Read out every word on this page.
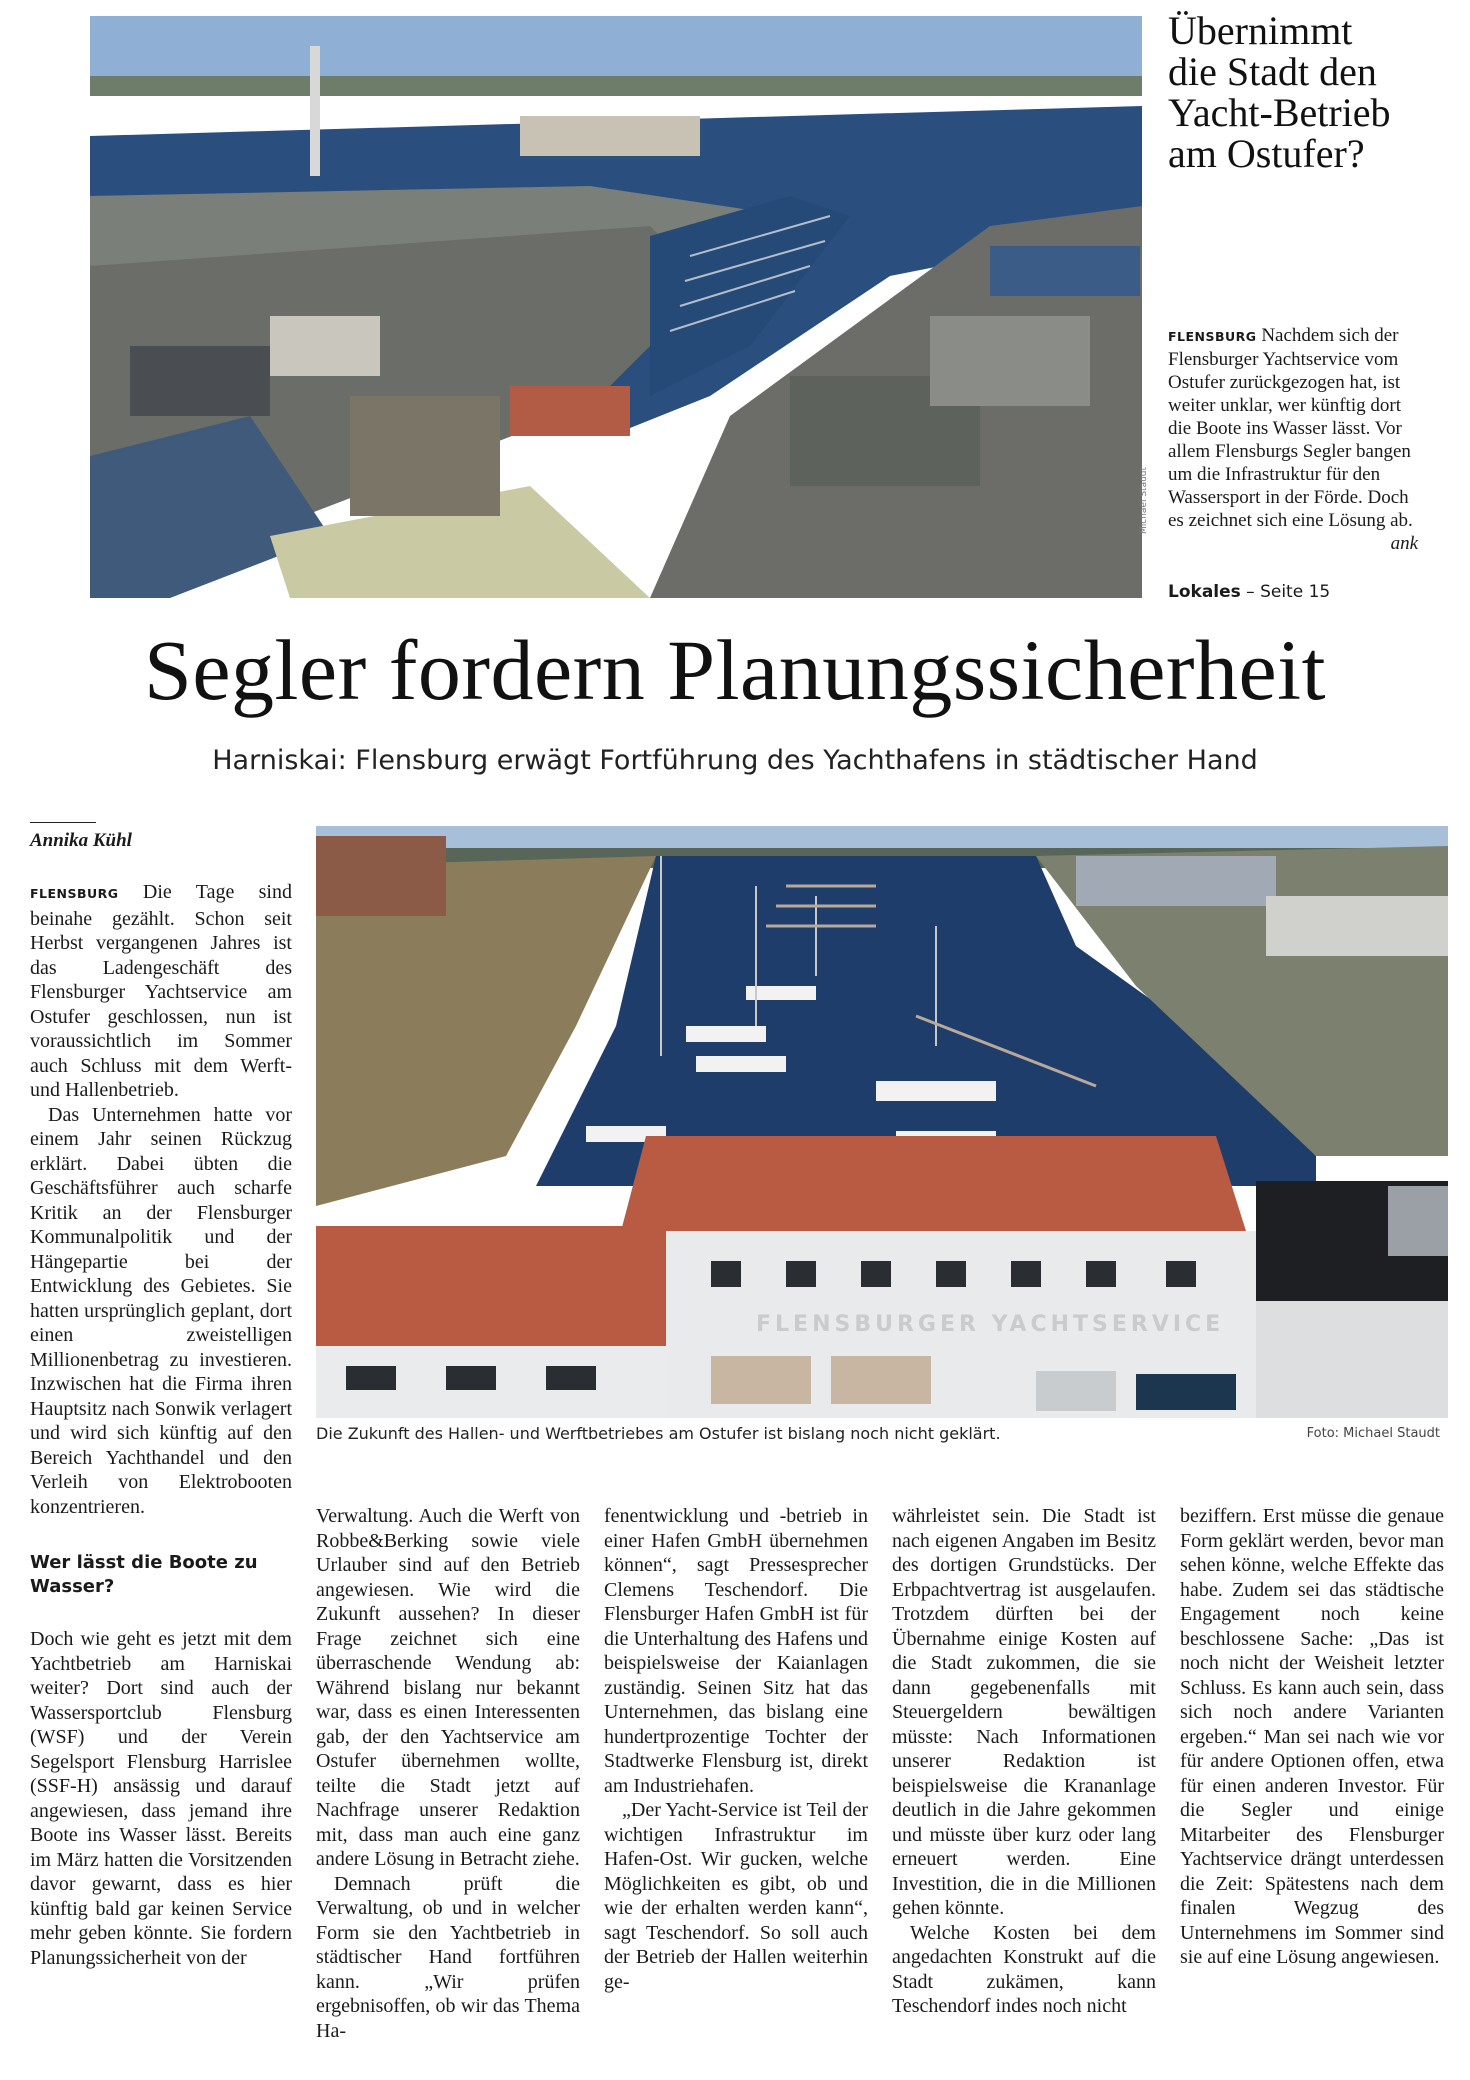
Michael Staudt
Übernimmt
die Stadt den
Yacht-Betrieb
am Ostufer?
FLENSBURG Nachdem sich der Flensburger Yachtservice vom Ostufer zurückgezogen hat, ist weiter unklar, wer künftig dort die Boote ins Wasser lässt. Vor allem Flensburgs Segler bangen um die Infrastruktur für den Wassersport in der Förde. Doch es zeichnet sich eine Lösung ab.
ank
Lokales – Seite 15
Segler fordern Planungssicherheit
Harniskai: Flensburg erwägt Fortführung des Yachthafens in städtischer Hand
Annika Kühl

FLENSBURG Die Tage sind beinahe gezählt. Schon seit Herbst vergangenen Jahres ist das Ladengeschäft des Flensburger Yachtservice am Ostufer geschlossen, nun ist voraussichtlich im Sommer auch Schluss mit dem Werft- und Hallenbetrieb.

Das Unternehmen hatte vor einem Jahr seinen Rückzug erklärt. Dabei übten die Geschäftsführer auch scharfe Kritik an der Flensburger Kommunalpolitik und der Hängepartie bei der Entwicklung des Gebietes. Sie hatten ursprünglich geplant, dort einen zweistelligen Millionenbetrag zu investieren. Inzwischen hat die Firma ihren Hauptsitz nach Sonwik verlagert und wird sich künftig auf den Bereich Yachthandel und den Verleih von Elektrobooten konzentrieren.

Wer lässt die Boote zu Wasser?

Doch wie geht es jetzt mit dem Yachtbetrieb am Harniskai weiter? Dort sind auch der Wassersportclub Flensburg (WSF) und der Verein Segelsport Flensburg Harrislee (SSF-H) ansässig und darauf angewiesen, dass jemand ihre Boote ins Wasser lässt. Bereits im März hatten die Vorsitzenden davor gewarnt, dass es hier künftig bald gar keinen Service mehr geben könnte. Sie fordern Planungssicherheit von der

FLENSBURGER YACHTSERVICE
Die Zukunft des Hallen- und Werftbetriebes am Ostufer ist bislang noch nicht geklärt.	Foto: Michael Staudt

Verwaltung. Auch die Werft von Robbe&Berking sowie viele Urlauber sind auf den Betrieb angewiesen. Wie wird die Zukunft aussehen? In dieser Frage zeichnet sich eine überraschende Wendung ab: Während bislang nur bekannt war, dass es einen Interessenten gab, der den Yachtservice am Ostufer übernehmen wollte, teilte die Stadt jetzt auf Nachfrage unserer Redaktion mit, dass man auch eine ganz andere Lösung in Betracht ziehe.

Demnach prüft die Verwaltung, ob und in welcher Form sie den Yachtbetrieb in städtischer Hand fortführen kann. „Wir prüfen ergebnisoffen, ob wir das Thema Ha-

fenentwicklung und -betrieb in einer Hafen GmbH übernehmen können“, sagt Pressesprecher Clemens Teschendorf. Die Flensburger Hafen GmbH ist für die Unterhaltung des Hafens und beispielsweise der Kaianlagen zuständig. Seinen Sitz hat das Unternehmen, das bislang eine hundertprozentige Tochter der Stadtwerke Flensburg ist, direkt am Industriehafen.

„Der Yacht-Service ist Teil der wichtigen Infrastruktur im Hafen-Ost. Wir gucken, welche Möglichkeiten es gibt, ob und wie der erhalten werden kann“, sagt Teschendorf. So soll auch der Betrieb der Hallen weiterhin ge-

währleistet sein. Die Stadt ist nach eigenen Angaben im Besitz des dortigen Grundstücks. Der Erbpachtvertrag ist ausgelaufen. Trotzdem dürften bei der Übernahme einige Kosten auf die Stadt zukommen, die sie dann gegebenenfalls mit Steuergeldern bewältigen müsste: Nach Informationen unserer Redaktion ist beispielsweise die Krananlage deutlich in die Jahre gekommen und müsste über kurz oder lang erneuert werden. Eine Investition, die in die Millionen gehen könnte.

Welche Kosten bei dem angedachten Konstrukt auf die Stadt zukämen, kann Teschendorf indes noch nicht

beziffern. Erst müsse die genaue Form geklärt werden, bevor man sehen könne, welche Effekte das habe. Zudem sei das städtische Engagement noch keine beschlossene Sache: „Das ist noch nicht der Weisheit letzter Schluss. Es kann auch sein, dass sich noch andere Varianten ergeben.“ Man sei nach wie vor für andere Optionen offen, etwa für einen anderen Investor. Für die Segler und einige Mitarbeiter des Flensburger Yachtservice drängt unterdessen die Zeit: Spätestens nach dem finalen Wegzug des Unternehmens im Sommer sind sie auf eine Lösung angewiesen.
